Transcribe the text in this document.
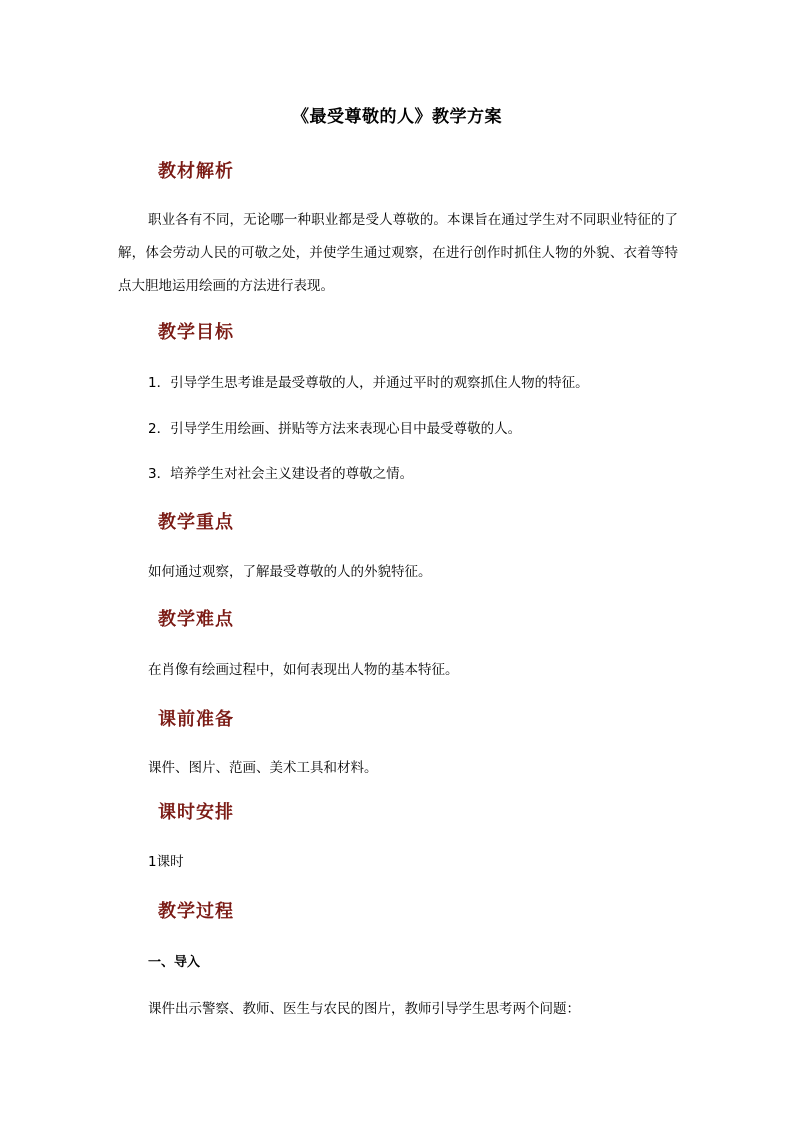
《最受尊敬的人》教学方案
教材解析
职业各有不同，无论哪一种职业都是受人尊敬的。本课旨在通过学生对不同职业特征的了解，体会劳动人民的可敬之处，并使学生通过观察，在进行创作时抓住人物的外貌、衣着等特点大胆地运用绘画的方法进行表现。
教学目标
1．引导学生思考谁是最受尊敬的人，并通过平时的观察抓住人物的特征。
2．引导学生用绘画、拼贴等方法来表现心目中最受尊敬的人。
3．培养学生对社会主义建设者的尊敬之情。
教学重点
如何通过观察，了解最受尊敬的人的外貌特征。
教学难点
在肖像有绘画过程中，如何表现出人物的基本特征。
课前准备
课件、图片、范画、美术工具和材料。
课时安排
1课时
教学过程
一、导入
课件出示警察、教师、医生与农民的图片，教师引导学生思考两个问题：
